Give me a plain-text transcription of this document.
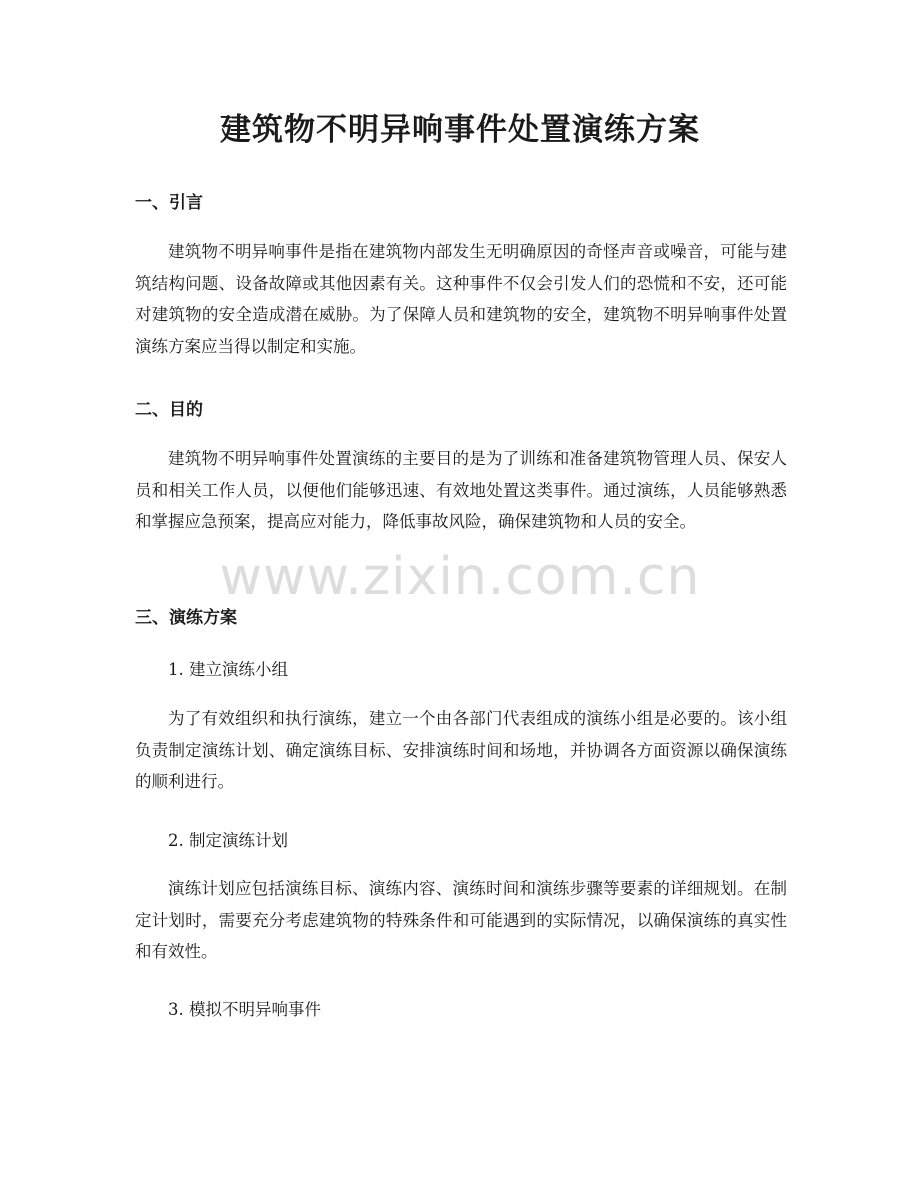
建筑物不明异响事件处置演练方案
一、引言

建筑物不明异响事件是指在建筑物内部发生无明确原因的奇怪声音或噪音，可能与建筑结构问题、设备故障或其他因素有关。这种事件不仅会引发人们的恐慌和不安，还可能对建筑物的安全造成潜在威胁。为了保障人员和建筑物的安全，建筑物不明异响事件处置演练方案应当得以制定和实施。

二、目的

建筑物不明异响事件处置演练的主要目的是为了训练和准备建筑物管理人员、保安人员和相关工作人员，以便他们能够迅速、有效地处置这类事件。通过演练，人员能够熟悉和掌握应急预案，提高应对能力，降低事故风险，确保建筑物和人员的安全。

三、演练方案
1. 建立演练小组

为了有效组织和执行演练，建立一个由各部门代表组成的演练小组是必要的。该小组负责制定演练计划、确定演练目标、安排演练时间和场地，并协调各方面资源以确保演练的顺利进行。

2. 制定演练计划

演练计划应包括演练目标、演练内容、演练时间和演练步骤等要素的详细规划。在制定计划时，需要充分考虑建筑物的特殊条件和可能遇到的实际情况，以确保演练的真实性和有效性。

3. 模拟不明异响事件
www.zixin.com.cn
